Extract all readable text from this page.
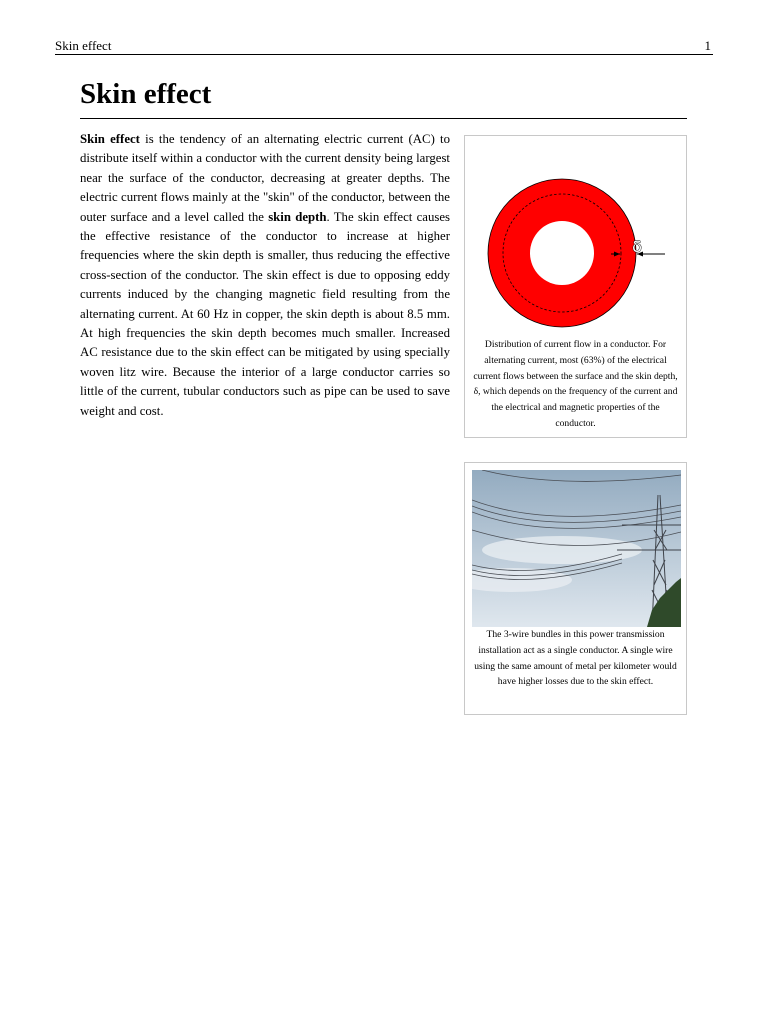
Skin effect	1
Skin effect

Skin effect is the tendency of an alternating electric current (AC) to distribute itself within a conductor with the current density being largest near the surface of the conductor, decreasing at greater depths. The electric current flows mainly at the "skin" of the conductor, between the outer surface and a level called the skin depth. The skin effect causes the effective resistance of the conductor to increase at higher frequencies where the skin depth is smaller, thus reducing the effective cross-section of the conductor. The skin effect is due to opposing eddy currents induced by the changing magnetic field resulting from the alternating current. At 60 Hz in copper, the skin depth is about 8.5 mm. At high frequencies the skin depth becomes much smaller. Increased AC resistance due to the skin effect can be mitigated by using specially woven litz wire. Because the interior of a large conductor carries so little of the current, tubular conductors such as pipe can be used to save weight and cost.

δ

Distribution of current flow in a conductor. For alternating current, most (63%) of the electrical current flows between the surface and the skin depth, δ, which depends on the frequency of the current and the electrical and magnetic properties of the conductor.

The 3-wire bundles in this power transmission installation act as a single conductor. A single wire using the same amount of metal per kilometer would have higher losses due to the skin effect.
